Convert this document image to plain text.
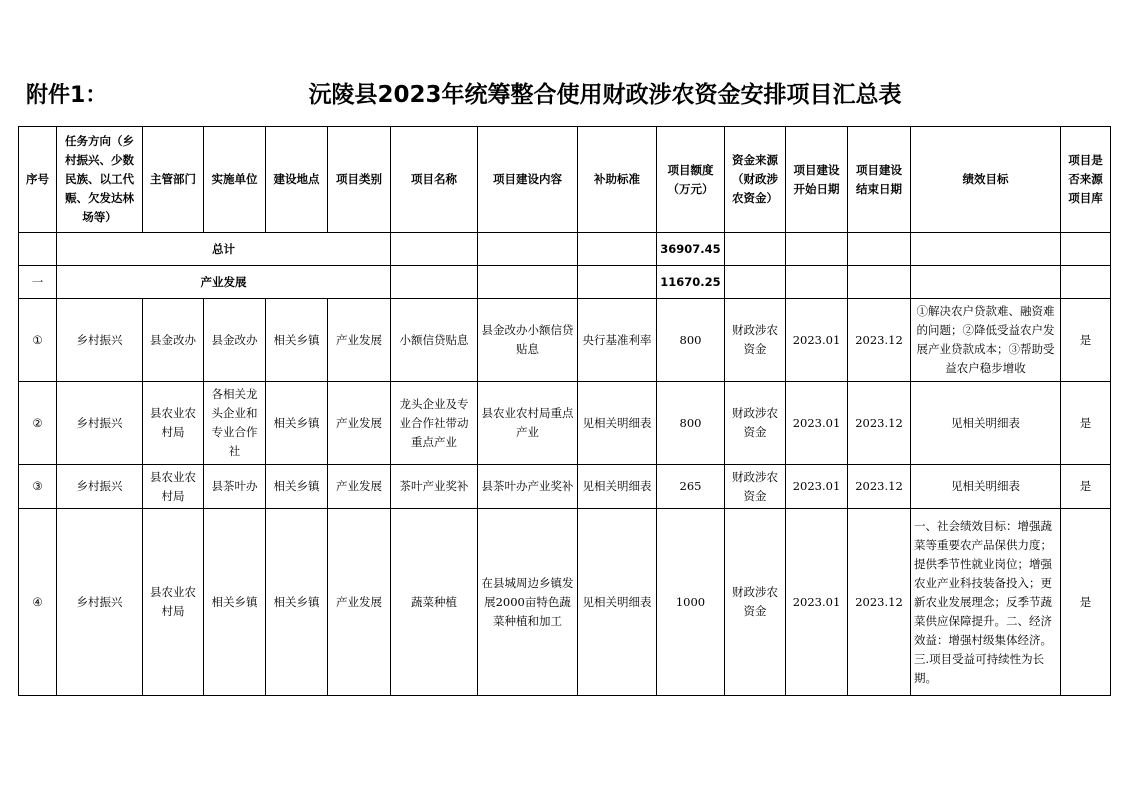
附件1：	沅陵县2023年统筹整合使用财政涉农资金安排项目汇总表
序号	任务方向（乡村振兴、少数民族、以工代赈、欠发达林场等）	主管部门	实施单位	建设地点	项目类别	项目名称	项目建设内容	补助标准	项目额度（万元）	资金来源（财政涉农资金）	项目建设开始日期	项目建设结束日期	绩效目标	项目是否来源项目库
	总计								36907.45					
一	产业发展								11670.25					
①	乡村振兴	县金改办	县金改办	相关乡镇	产业发展	小额信贷贴息	县金改办小额信贷贴息	央行基准利率	800	财政涉农资金	2023.01	2023.12	①解决农户贷款难、融资难的问题；②降低受益农户发展产业贷款成本；③帮助受益农户稳步增收	是
②	乡村振兴	县农业农村局	各相关龙头企业和专业合作社	相关乡镇	产业发展	龙头企业及专业合作社带动重点产业	县农业农村局重点产业	见相关明细表	800	财政涉农资金	2023.01	2023.12	见相关明细表	是
③	乡村振兴	县农业农村局	县茶叶办	相关乡镇	产业发展	茶叶产业奖补	县茶叶办产业奖补	见相关明细表	265	财政涉农资金	2023.01	2023.12	见相关明细表	是
④	乡村振兴	县农业农村局	相关乡镇	相关乡镇	产业发展	蔬菜种植	在县城周边乡镇发展2000亩特色蔬菜种植和加工	见相关明细表	1000	财政涉农资金	2023.01	2023.12	一、社会绩效目标：增强蔬菜等重要农产品保供力度；提供季节性就业岗位；增强农业产业科技装备投入；更新农业发展理念；反季节蔬菜供应保障提升。二、经济效益：增强村级集体经济。三.项目受益可持续性为长期。	是
